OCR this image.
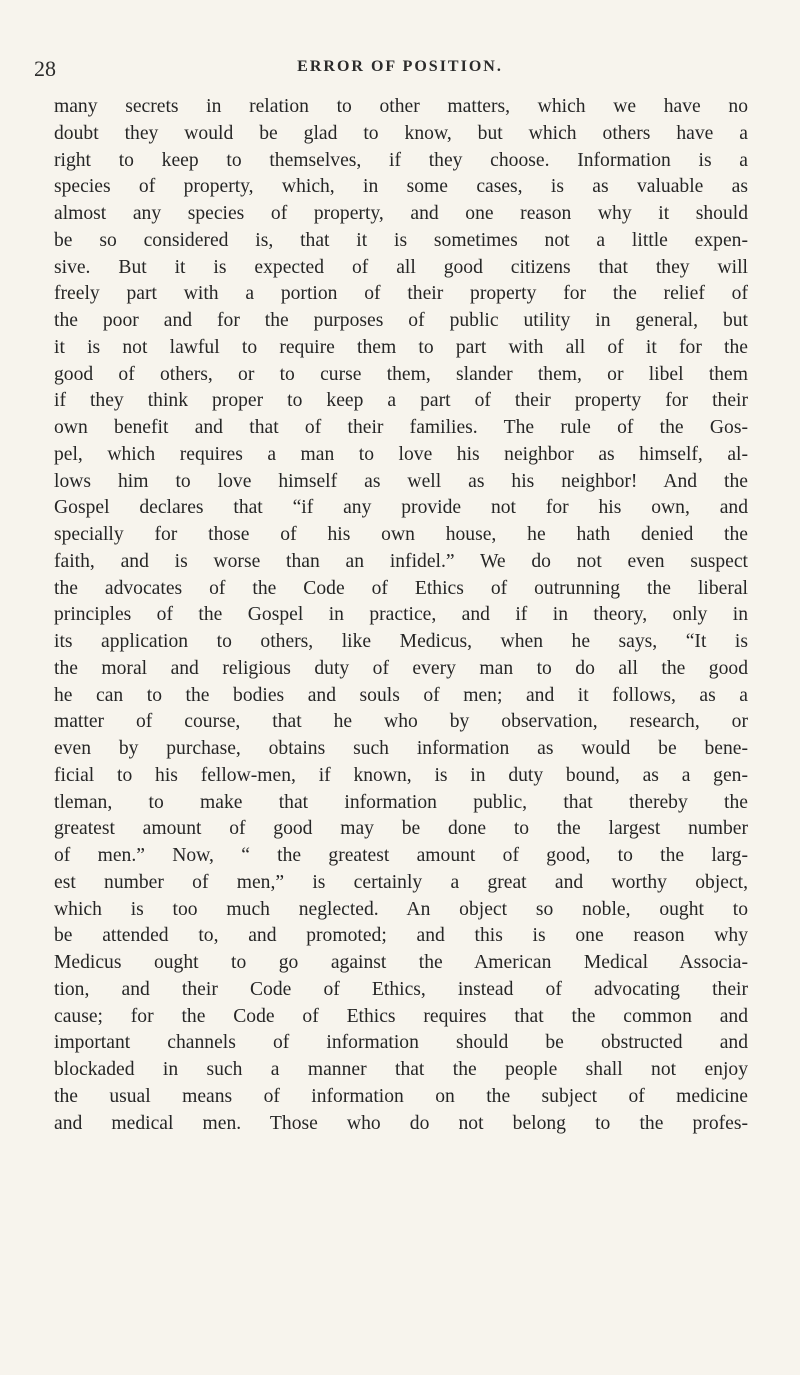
28	ERROR OF POSITION.
many secrets in relation to other matters, which we have no
doubt they would be glad to know, but which others have a
right to keep to themselves, if they choose. Information is a
species of property, which, in some cases, is as valuable as
almost any species of property, and one reason why it should
be so considered is, that it is sometimes not a little expen-
sive. But it is expected of all good citizens that they will
freely part with a portion of their property for the relief of
the poor and for the purposes of public utility in general, but
it is not lawful to require them to part with all of it for the
good of others, or to curse them, slander them, or libel them
if they think proper to keep a part of their property for their
own benefit and that of their families. The rule of the Gos-
pel, which requires a man to love his neighbor as himself, al-
lows him to love himself as well as his neighbor! And the
Gospel declares that “if any provide not for his own, and
specially for those of his own house, he hath denied the
faith, and is worse than an infidel.” We do not even suspect
the advocates of the Code of Ethics of outrunning the liberal
principles of the Gospel in practice, and if in theory, only in
its application to others, like Medicus, when he says, “It is
the moral and religious duty of every man to do all the good
he can to the bodies and souls of men; and it follows, as a
matter of course, that he who by observation, research, or
even by purchase, obtains such information as would be bene-
ficial to his fellow-men, if known, is in duty bound, as a gen-
tleman, to make that information public, that thereby the
greatest amount of good may be done to the largest number
of men.” Now, “ the greatest amount of good, to the larg-
est number of men,” is certainly a great and worthy object,
which is too much neglected. An object so noble, ought to
be attended to, and promoted; and this is one reason why
Medicus ought to go against the American Medical Associa-
tion, and their Code of Ethics, instead of advocating their
cause; for the Code of Ethics requires that the common and
important channels of information should be obstructed and
blockaded in such a manner that the people shall not enjoy
the usual means of information on the subject of medicine
and medical men. Those who do not belong to the profes-
